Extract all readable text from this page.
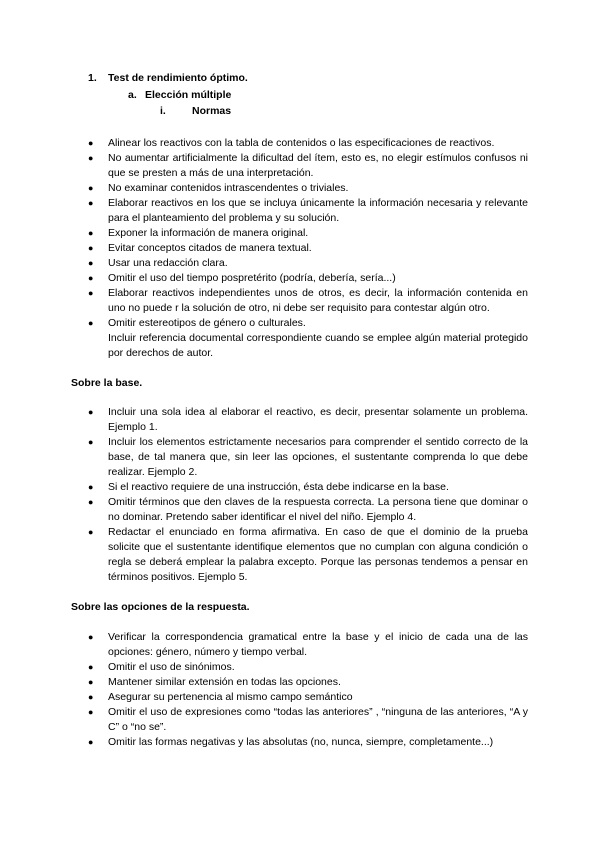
1. Test de rendimiento óptimo.
a. Elección múltiple
i. Normas
● Alinear los reactivos con la tabla de contenidos o las especificaciones de reactivos.
● No aumentar artificialmente la dificultad del ítem, esto es, no elegir estímulos confusos ni que se presten a más de una interpretación.
● No examinar contenidos intrascendentes o triviales.
● Elaborar reactivos en los que se incluya únicamente la información necesaria y relevante para el planteamiento del problema y su solución.
● Exponer la información de manera original.
● Evitar conceptos citados de manera textual.
● Usar una redacción clara.
● Omitir el uso del tiempo pospretérito (podría, debería, sería...)
● Elaborar reactivos independientes unos de otros, es decir, la información contenida en uno no puede r la solución de otro, ni debe ser requisito para contestar algún otro.
● Omitir estereotipos de género o culturales.
Incluir referencia documental correspondiente cuando se emplee algún material protegido por derechos de autor.
Sobre la base.
● Incluir una sola idea al elaborar el reactivo, es decir, presentar solamente un problema. Ejemplo 1.
● Incluir los elementos estrictamente necesarios para comprender el sentido correcto de la base, de tal manera que, sin leer las opciones, el sustentante comprenda lo que debe realizar. Ejemplo 2.
● Si el reactivo requiere de una instrucción, ésta debe indicarse en la base.
● Omitir términos que den claves de la respuesta correcta. La persona tiene que dominar o no dominar. Pretendo saber identificar el nivel del niño. Ejemplo 4.
● Redactar el enunciado en forma afirmativa. En caso de que el dominio de la prueba solicite que el sustentante identifique elementos que no cumplan con alguna condición o regla se deberá emplear la palabra excepto. Porque las personas tendemos a pensar en términos positivos. Ejemplo 5.
Sobre las opciones de la respuesta.
● Verificar la correspondencia gramatical entre la base y el inicio de cada una de las opciones: género, número y tiempo verbal.
● Omitir el uso de sinónimos.
● Mantener similar extensión en todas las opciones.
● Asegurar su pertenencia al mismo campo semántico
● Omitir el uso de expresiones como “todas las anteriores” , “ninguna de las anteriores, “A y C” o “no se”.
● Omitir las formas negativas y las absolutas (no, nunca, siempre, completamente...)
